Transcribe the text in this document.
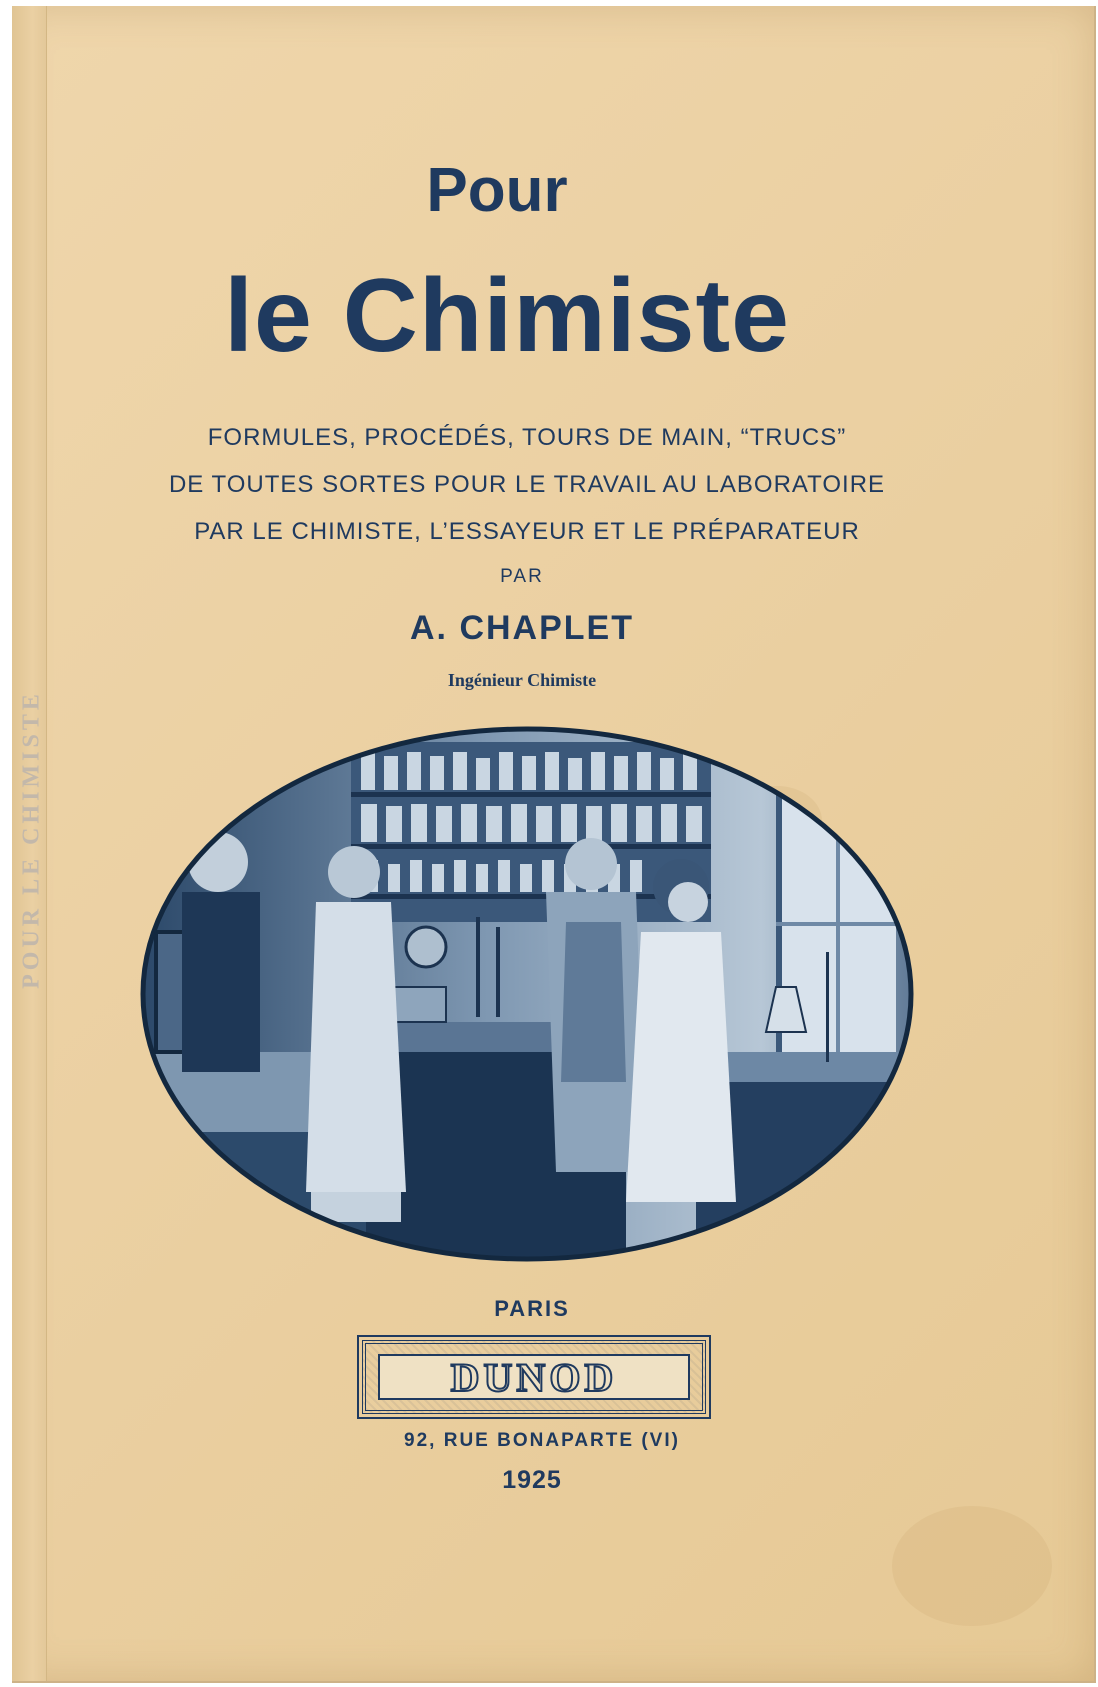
POUR LE CHIMISTE
Pour
le Chimiste
FORMULES, PROCÉDÉS, TOURS DE MAIN, “TRUCS”
DE TOUTES SORTES POUR LE TRAVAIL AU LABORATOIRE
PAR LE CHIMISTE, L’ESSAYEUR ET LE PRÉPARATEUR
PAR
A. CHAPLET
Ingénieur Chimiste
PARIS
DUNOD
92, RUE BONAPARTE (VI)
1925
